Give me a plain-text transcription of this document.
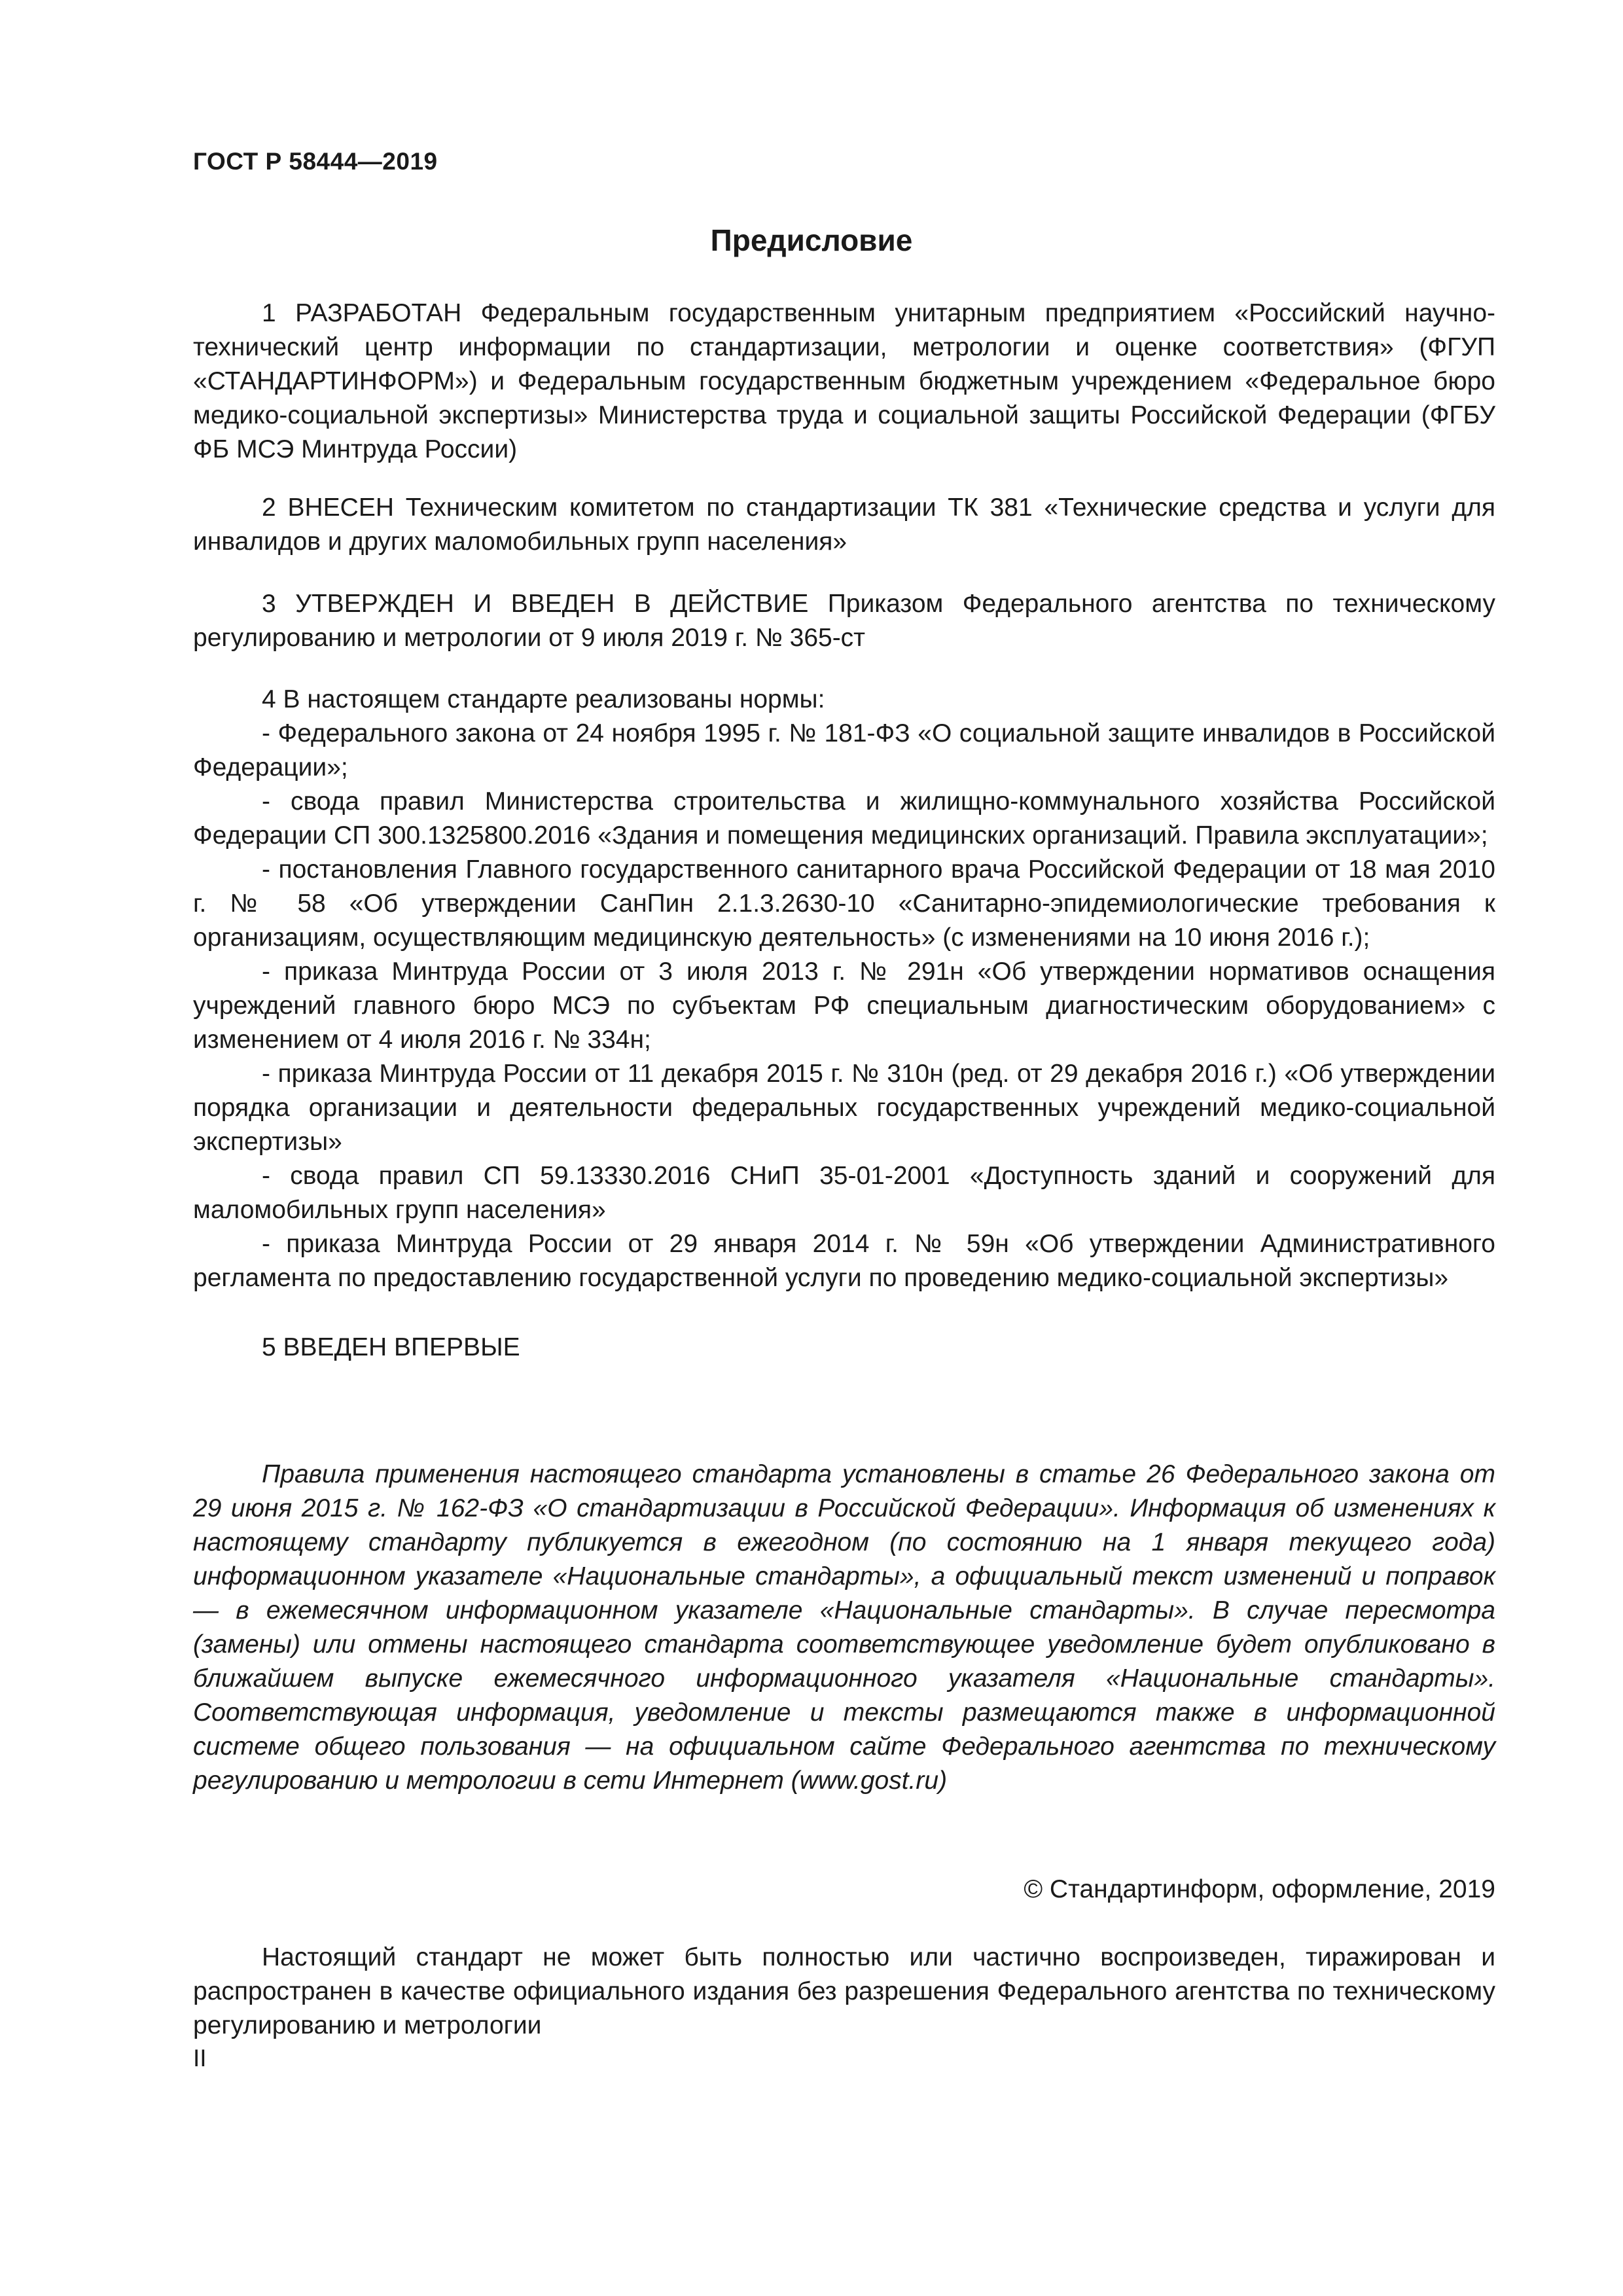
ГОСТ Р 58444—2019
Предисловие

1 РАЗРАБОТАН Федеральным государственным унитарным предприятием «Российский научно-технический центр информации по стандартизации, метрологии и оценке соответствия» (ФГУП «СТАНДАРТИНФОРМ») и Федеральным государственным бюджетным учреждением «Федеральное бюро медико-социальной экспертизы» Министерства труда и социальной защиты Российской Федерации (ФГБУ ФБ МСЭ Минтруда России)

2 ВНЕСЕН Техническим комитетом по стандартизации ТК 381 «Технические средства и услуги для инвалидов и других маломобильных групп населения»

3 УТВЕРЖДЕН И ВВЕДЕН В ДЕЙСТВИЕ Приказом Федерального агентства по техническому регулированию и метрологии от 9 июля 2019 г. № 365-ст

4 В настоящем стандарте реализованы нормы:

- Федерального закона от 24 ноября 1995 г. № 181-ФЗ «О социальной защите инвалидов в Российской Федерации»;

- свода правил Министерства строительства и жилищно-коммунального хозяйства Российской Федерации СП 300.1325800.2016 «Здания и помещения медицинских организаций. Правила эксплуатации»;

- постановления Главного государственного санитарного врача Российской Федерации от 18 мая 2010 г. № 58 «Об утверждении СанПин 2.1.3.2630-10 «Санитарно-эпидемиологические требования к организациям, осуществляющим медицинскую деятельность» (с изменениями на 10 июня 2016 г.);

- приказа Минтруда России от 3 июля 2013 г. № 291н «Об утверждении нормативов оснащения учреждений главного бюро МСЭ по субъектам РФ специальным диагностическим оборудованием» с изменением от 4 июля 2016 г. № 334н;

- приказа Минтруда России от 11 декабря 2015 г. № 310н (ред. от 29 декабря 2016 г.) «Об утверждении порядка организации и деятельности федеральных государственных учреждений медико-социальной экспертизы»

- свода правил СП 59.13330.2016 СНиП 35-01-2001 «Доступность зданий и сооружений для маломобильных групп населения»

- приказа Минтруда России от 29 января 2014 г. № 59н «Об утверждении Административного регламента по предоставлению государственной услуги по проведению медико-социальной экспертизы»

5 ВВЕДЕН ВПЕРВЫЕ

Правила применения настоящего стандарта установлены в статье 26 Федерального закона от 29 июня 2015 г. № 162-ФЗ «О стандартизации в Российской Федерации». Информация об изменениях к настоящему стандарту публикуется в ежегодном (по состоянию на 1 января текущего года) информационном указателе «Национальные стандарты», а официальный текст изменений и поправок — в ежемесячном информационном указателе «Национальные стандарты». В случае пересмотра (замены) или отмены настоящего стандарта соответствующее уведомление будет опубликовано в ближайшем выпуске ежемесячного информационного указателя «Национальные стандарты». Соответствующая информация, уведомление и тексты размещаются также в информационной системе общего пользования — на официальном сайте Федерального агентства по техническому регулированию и метрологии в сети Интернет (www.gost.ru)

© Стандартинформ, оформление, 2019

Настоящий стандарт не может быть полностью или частично воспроизведен, тиражирован и распространен в качестве официального издания без разрешения Федерального агентства по техническому регулированию и метрологии

II
